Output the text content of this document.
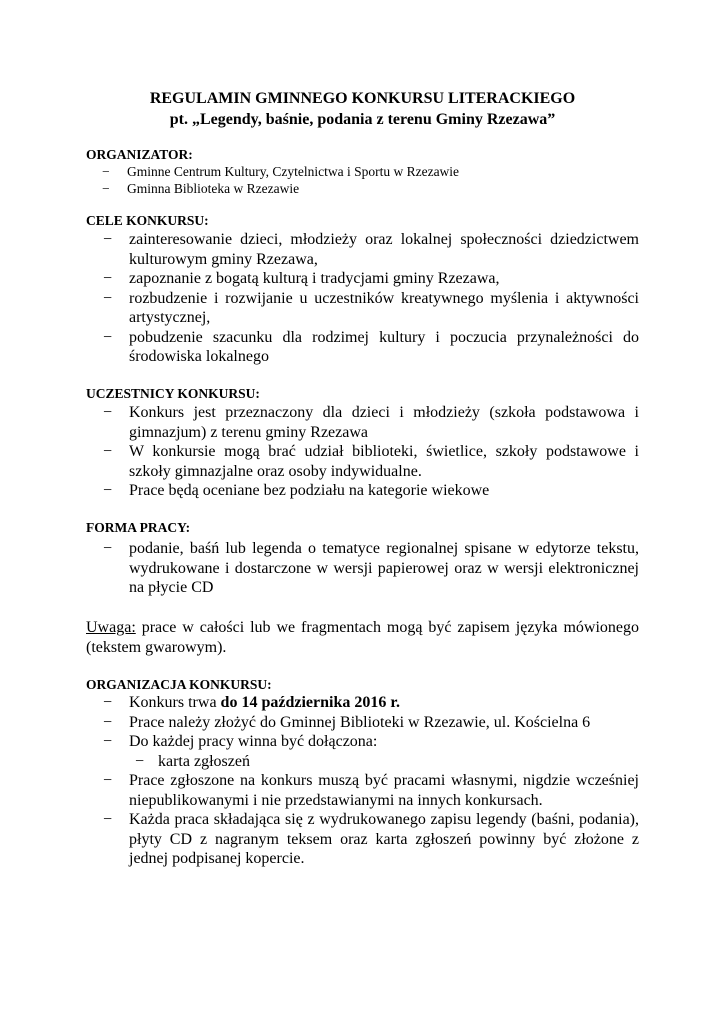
REGULAMIN GMINNEGO KONKURSU LITERACKIEGO
pt. „Legendy, baśnie, podania z terenu Gminy Rzezawa”

ORGANIZATOR:

− Gminne Centrum Kultury, Czytelnictwa i Sportu w Rzezawie
− Gminna Biblioteka w Rzezawie

CELE KONKURSU:

− zainteresowanie dzieci, młodzieży oraz lokalnej społeczności dziedzictwem kulturowym gminy Rzezawa,
− zapoznanie z bogatą kulturą i tradycjami gminy Rzezawa,
− rozbudzenie i rozwijanie u uczestników kreatywnego myślenia i aktywności artystycznej,
− pobudzenie szacunku dla rodzimej kultury i poczucia przynależności do środowiska lokalnego

UCZESTNICY KONKURSU:

− Konkurs jest przeznaczony dla dzieci i młodzieży (szkoła podstawowa i gimnazjum) z terenu gminy Rzezawa
− W konkursie mogą brać udział biblioteki, świetlice, szkoły podstawowe i szkoły gimnazjalne oraz osoby indywidualne.
− Prace będą oceniane bez podziału na kategorie wiekowe

FORMA PRACY:

− podanie, baśń lub legenda o tematyce regionalnej spisane w edytorze tekstu, wydrukowane i dostarczone w wersji papierowej oraz w wersji elektronicznej na płycie CD

Uwaga: prace w całości lub we fragmentach mogą być zapisem języka mówionego (tekstem gwarowym).

ORGANIZACJA KONKURSU:

− Konkurs trwa do 14 października 2016 r.
− Prace należy złożyć do Gminnej Biblioteki w Rzezawie, ul. Kościelna 6
− Do każdej pracy winna być dołączona:
− karta zgłoszeń
− Prace zgłoszone na konkurs muszą być pracami własnymi, nigdzie wcześniej niepublikowanymi i nie przedstawianymi na innych konkursach.
− Każda praca składająca się z wydrukowanego zapisu legendy (baśni, podania), płyty CD z nagranym teksem oraz karta zgłoszeń powinny być złożone z jednej podpisanej kopercie.
